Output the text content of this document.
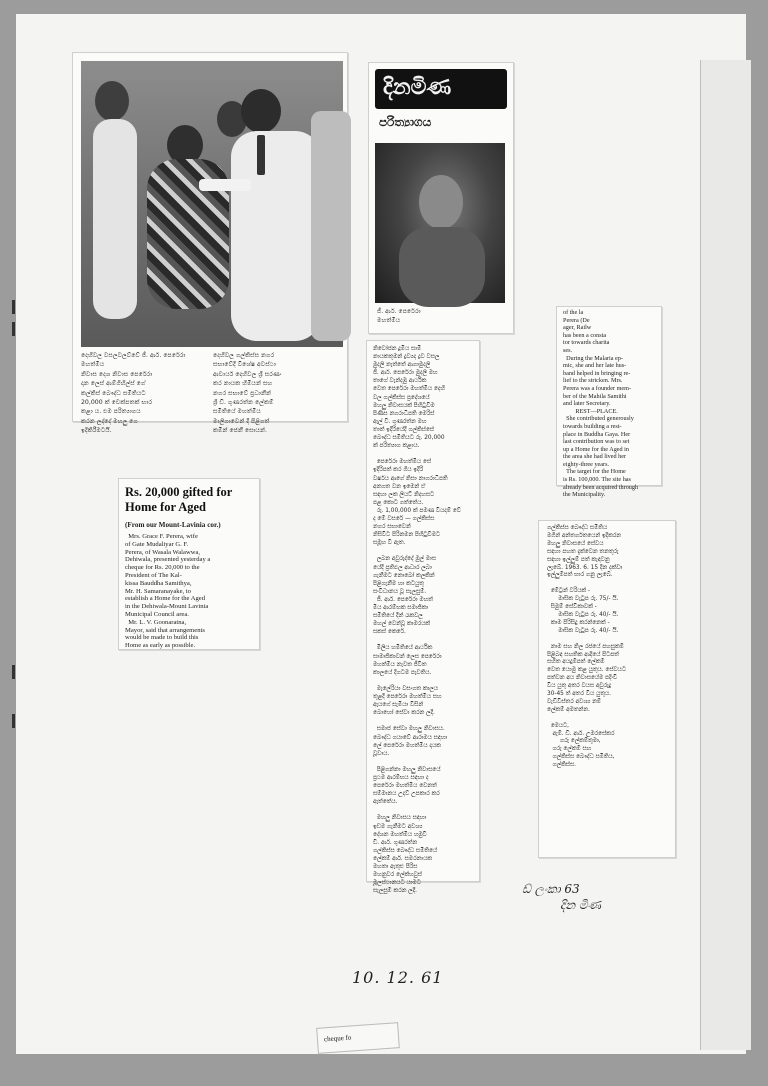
දෙහිවල වසලවලව්වේ ජී. ආර්. පෙරේරා මහත්මිය
නිවාස දෙශ නිවාස පෙරේරා
දාන ලෙස් ආම්ගිහිල්ස් ගේ
කල්කිස් බෞද්ධ සමිතියට
20,000 ක් චෙක්පතක් භාර
කළා ය. එම පරිත්‍යාගය
කරන ලද්දේ මහලු ගෙ
ඉදිකිරීමටයි.
දෙහිවල ගල්කිස්ස නගර
සභාවේදී විශේෂ අවස්ථා
ආචාර්ය දෙහිවල ශ්‍රී සරණං
කර නායක හිමියන් සහ
නගර සභාවේ ප්‍රධානීන්
ශ්‍රී ඩී. ගුණරත්න ලේකම්
සමිතියේ මහත්මිය
මාලිගාවෙන් දී පිළිගත්
කමින් ජෙනී සොයන්.
දිනමිණ
පරිත්‍යාගය
ජී. ආර්. පෙරේරා
මහත්මිය
නිවෝජන දූමිය සාමි
නායකතුමන් ද්‍රව්‍යද ද්‍රව වසල
මුදලි නැත්තේ ආගාමුදලි
ජී. ආර්. පෙරේරා මුදලි මහ
තාගේ වැන්දඹු ආර්ථික
වෙත පෙරේරා මහත්මිය දෙහි
වල ගල්කිස්ස ප්‍රදේශයේ
මහලු නිවාසයක් පිහිටුවීම
පිණිස නගරාධිපති මෙරිස්
ඇල් වී. ගුණරත්න මහ
තාත් ඉදිරියේදී ගල්කිස්සේ
බෞද්ධ සමිතියට රු. 20,000
ක් පරිත්‍යාග කළාය.

පෙරේරා මහත්මිය සේ
ඉදිරිපත් කර ගිය ඉදිරි
වර්ෂය ආගේ නිසා නාගරාධිපති
අනගත වන ඉමෙන් ඒ
සඳහා ලක ලියට් නිදහසට
පළ කොට ගත්තේය.
රු. 1,00,000 ක් පමණ වියදම් වේ
ද මේ වසරේ — ගල්කිස්ස
නගර සභාවෙන්
නිසිවිට පිරිනමන පිහිටුවීමට
සමූහ වී ඇත.

ලබන අවුරුද්දේ මුල් මාස
යේදී ප්‍රතිඵල ආධාර ලබා
ගැනීමට නොබෝ කලකින්
පිළිගැනීම හා කටයුතු
සංවිධානය වූ සැලසුම්.
ජී. ආර්. පෙරේරා මහත්
මිය ආරම්භක සමාජිකා
සමිතියේ දීන් රැකවල
මහල් වෙන්වූ කාමරයක්
සකස් කෙරේ.

මිලිය හමිතියේ ආර්ථික
සාමාජිකාවන් ලෙස පෙරේරා
මහත්මිය නැවත ජීවිත
කාලයේ දිගටම පැවතිය.

මැලේරියා වසංගත කාලය
තුළදී පෙරේරා මහත්මිය සහ
ඇයගේ සැමියා විසින්
බොහෝ සේවා කරන ලදී.

සමාජ සේවා මහලු නිවාසය.
බෞද්ධ ගයාවේ ආරාමය සඳහා
ලේ පෙරේරා මහත්මිය දායක
වූවාය.

පිළිගන්නා මහලු නිවාසයේ
ප්‍රථම ආරම්භය සඳහා ද
පෙරේරා මහත්මිය වෙනත්
සම්මානය උදව් උපකාර කර
ඇත්තේය.

මහලු නිවාසය සඳහා
ඉඩම ගැනීමට අවශ්‍ය
දේශන මහත්මිය හමුවී
ඩී. ආර්. ගුණරත්න
ගල්කිස්ස බෞද්ධ සමිතියේ
ලේකම් ආර්. සමරනායක
මහතා ඇතුළු පිරිස
මහනුවර ලේක්හවුස්
මූලස්ථානයට යාමට
සැලසුම් කරන ලදී.
Rs. 20,000 gifted for Home for Aged
(From our Mount-Lavinia cor.)
Mrs. Grace F. Perera, wife
of Gate Mudaliyar G. F.
Perera, of Wasala Walawwa,
Dehiwala, presented yesterday a
cheque for Rs. 20,000 to the
President of The Kal-
kissa Bauddha Samithya,
Mr. H. Samaranayake, to
establish a Home for the Aged
in the Dehiwala-Mount Lavinia
Municipal Council area.
Mr. L. V. Goonaratna,
Mayor, said that arrangements
would be made to build this
Home as early as possible.
of the la
Perera (De
ager, Railw
has been a consta
tor towards charita
ses.
During the Malaria ep-
mic, she and her late hus-
band helped in bringing re-
lief to the stricken. Mrs.
Perera was a founder mem-
ber of the Mahila Samithi
and later Secretary.
REST—PLACE.
She contributed generously
towards building a rest-
place in Buddha Gaya. Her
last contribution was to set
up a Home for the Aged in
the area she had lived her
eighty-three years.
The target for the Home
is Rs. 100,000. The site has
already been acquired through
the Municipality.
ගල්කිස්ස බෞද්ධ සමිතිය
මගින් අන්තර්ගතයෙන් ඉදිකරන
මහලු නිවාසයේ සේවය
සඳහා පහත දැක්වෙන තනතුරු
සඳහා ඉල්ලුම් පත් කැඳවනු
ලැබේ. 1963. 6. 15 දින දක්වා
ඉල්ලුම්පත් භාර ගනු ලැබේ.

මේට්‍රන් වරියක් -
මාසික වැටුප රු. 75/- යි.
සිමුම් සේවිකාවක් -
මාසික වැටුප රු. 40/- යි.
කාම පිරිසිදු කරන්නෙක් -
මාසික වැටුප රු. 40/- යි.

නාම සහ නිල රජයේ පහසුකම්
පිළිබඳ සහතික ආදියේ පිටපත්
සහිත අයදුම්පත් ලේකම්
වෙත යොමු කළ යුතුය. සේවයට
පත්වන අය නිවාසයේම පදිංචි
විය යුතු අතර වයස අවුරුදු
30-45 ත් අතර විය යුතුය.
වැඩිවිස්තර අවශ්‍ය නම්
ලේකම් අමතන්න.

මෙයට,
ඇම්. ඩී. ආර්. උමරසේකර
ගරු ලේකම්තුමා,
ගරු ලේකම් සහ
ගල්කිස්ස බෞද්ධ සමිතිය,
ගල්කිස්ස.
ඩ් ලංකා 63
දින මිණ
10. 12. 61
cheque fo
